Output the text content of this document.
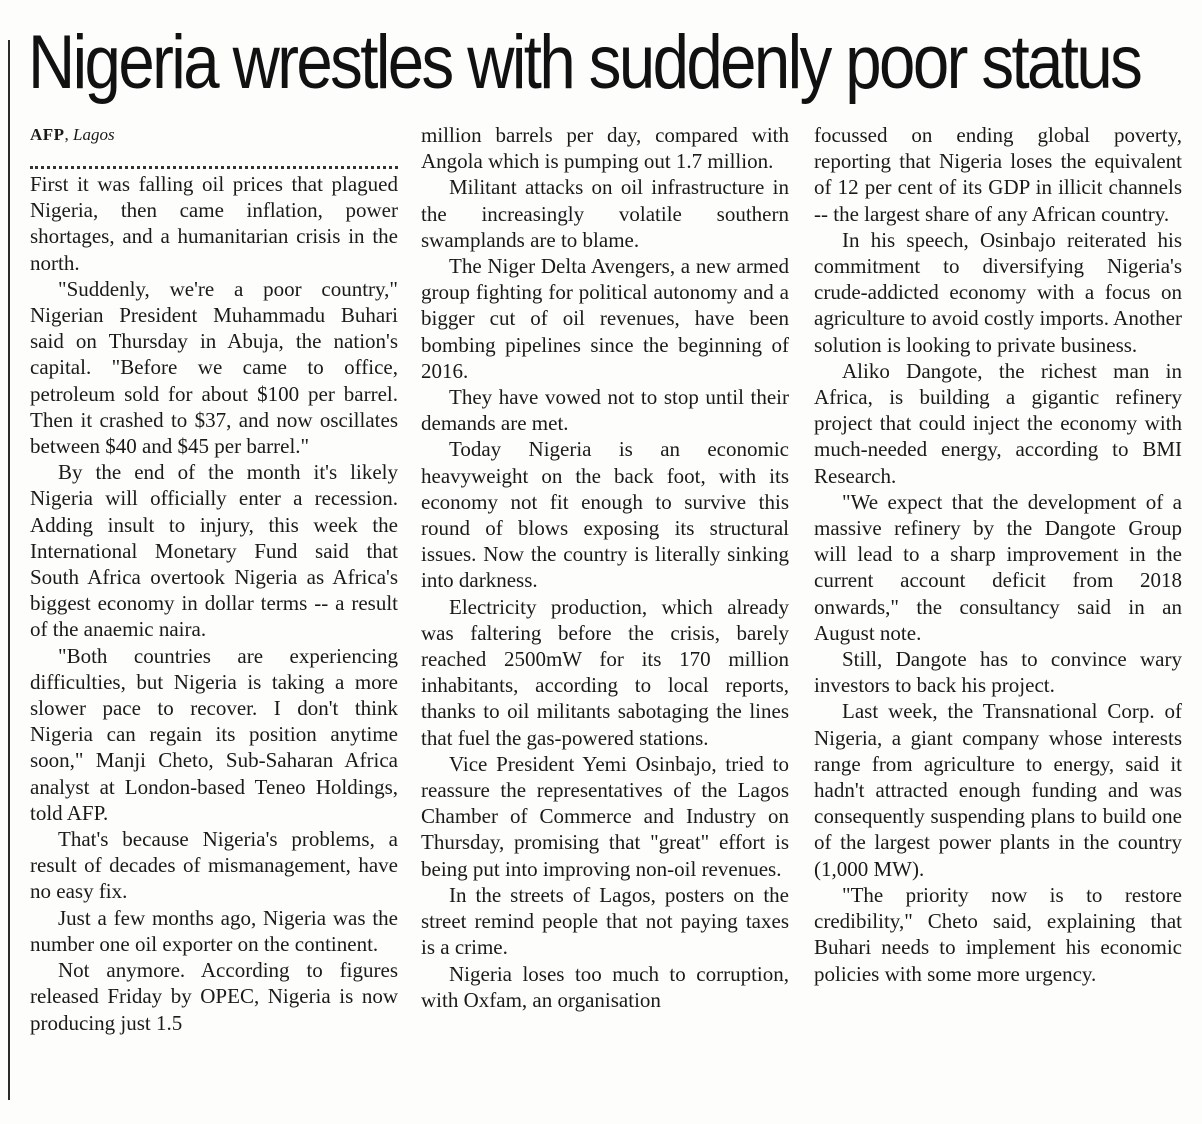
Nigeria wrestles with suddenly poor status
AFP, Lagos

First it was falling oil prices that plagued Nigeria, then came inflation, power shortages, and a humanitarian crisis in the north.

"Suddenly, we're a poor country," Nigerian President Muhammadu Buhari said on Thursday in Abuja, the nation's capital. "Before we came to office, petroleum sold for about $100 per barrel. Then it crashed to $37, and now oscillates between $40 and $45 per barrel."

By the end of the month it's likely Nigeria will officially enter a recession. Adding insult to injury, this week the International Monetary Fund said that South Africa overtook Nigeria as Africa's biggest economy in dollar terms -- a result of the anaemic naira.

"Both countries are experiencing difficulties, but Nigeria is taking a more slower pace to recover. I don't think Nigeria can regain its position anytime soon," Manji Cheto, Sub-Saharan Africa analyst at London-based Teneo Holdings, told AFP.

That's because Nigeria's problems, a result of decades of mismanagement, have no easy fix.

Just a few months ago, Nigeria was the number one oil exporter on the continent.

Not anymore. According to figures released Friday by OPEC, Nigeria is now producing just 1.5

million barrels per day, compared with Angola which is pumping out 1.7 million.

Militant attacks on oil infrastructure in the increasingly volatile southern swamplands are to blame.

The Niger Delta Avengers, a new armed group fighting for political autonomy and a bigger cut of oil revenues, have been bombing pipelines since the beginning of 2016.

They have vowed not to stop until their demands are met.

Today Nigeria is an economic heavyweight on the back foot, with its economy not fit enough to survive this round of blows exposing its structural issues. Now the country is literally sinking into darkness.

Electricity production, which already was faltering before the crisis, barely reached 2500mW for its 170 million inhabitants, according to local reports, thanks to oil militants sabotaging the lines that fuel the gas-powered stations.

Vice President Yemi Osinbajo, tried to reassure the representatives of the Lagos Chamber of Commerce and Industry on Thursday, promising that "great" effort is being put into improving non-oil revenues.

In the streets of Lagos, posters on the street remind people that not paying taxes is a crime.

Nigeria loses too much to corruption, with Oxfam, an organisation

focussed on ending global poverty, reporting that Nigeria loses the equivalent of 12 per cent of its GDP in illicit channels -- the largest share of any African country.

In his speech, Osinbajo reiterated his commitment to diversifying Nigeria's crude-addicted economy with a focus on agriculture to avoid costly imports. Another solution is looking to private business.

Aliko Dangote, the richest man in Africa, is building a gigantic refinery project that could inject the economy with much-needed energy, according to BMI Research.

"We expect that the development of a massive refinery by the Dangote Group will lead to a sharp improvement in the current account deficit from 2018 onwards," the consultancy said in an August note.

Still, Dangote has to convince wary investors to back his project.

Last week, the Transnational Corp. of Nigeria, a giant company whose interests range from agriculture to energy, said it hadn't attracted enough funding and was consequently suspending plans to build one of the largest power plants in the country (1,000 MW).

"The priority now is to restore credibility," Cheto said, explaining that Buhari needs to implement his economic policies with some more urgency.
